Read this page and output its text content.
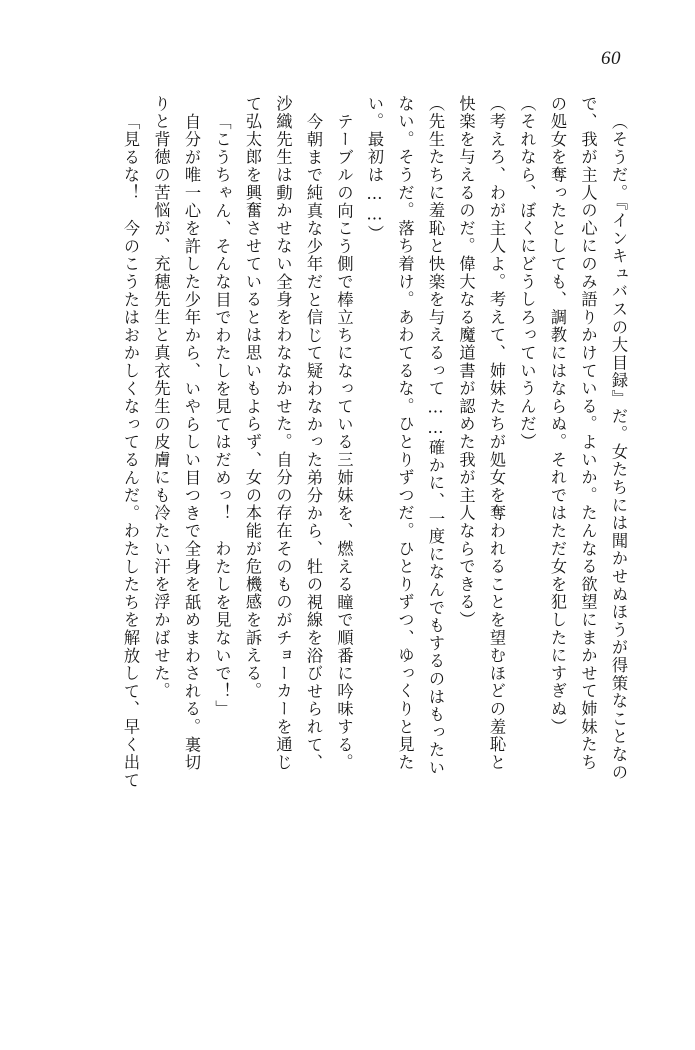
60
（そうだ。『インキュバスの大目録』だ。女たちには聞かせぬほうが得策なことなの
で、我が主人の心にのみ語りかけている。よいか。たんなる欲望にまかせて姉妹たち
の処女を奪ったとしても、調教にはならぬ。それではただ女を犯したにすぎぬ）
（それなら、ぼくにどうしろっていうんだ）
（考えろ、わが主人よ。考えて、姉妹たちが処女を奪われることを望むほどの羞恥と
快楽を与えるのだ。偉大なる魔道書が認めた我が主人ならできる）
（先生たちに羞恥と快楽を与えるって……確かに、一度になんでもするのはもったい
ない。そうだ。落ち着け。あわてるな。ひとりずつだ。ひとりずつ、ゆっくりと見た
い。最初は……）
テーブルの向こう側で棒立ちになっている三姉妹を、燃える瞳で順番に吟味する。
今朝まで純真な少年だと信じて疑わなかった弟分から、牡の視線を浴びせられて、
沙織先生は動かせない全身をわななかせた。自分の存在そのものがチョーカーを通じ
て弘太郎を興奮させているとは思いもよらず、女の本能が危機感を訴える。
「こうちゃん、そんな目でわたしを見てはだめっ！　わたしを見ないで！」
自分が唯一心を許した少年から、いやらしい目つきで全身を舐めまわされる。裏切
りと背徳の苦悩が、充穂先生と真衣先生の皮膚にも冷たい汗を浮かばせた。
「見るな！　今のこうたはおかしくなってるんだ。わたしたちを解放して、早く出て
